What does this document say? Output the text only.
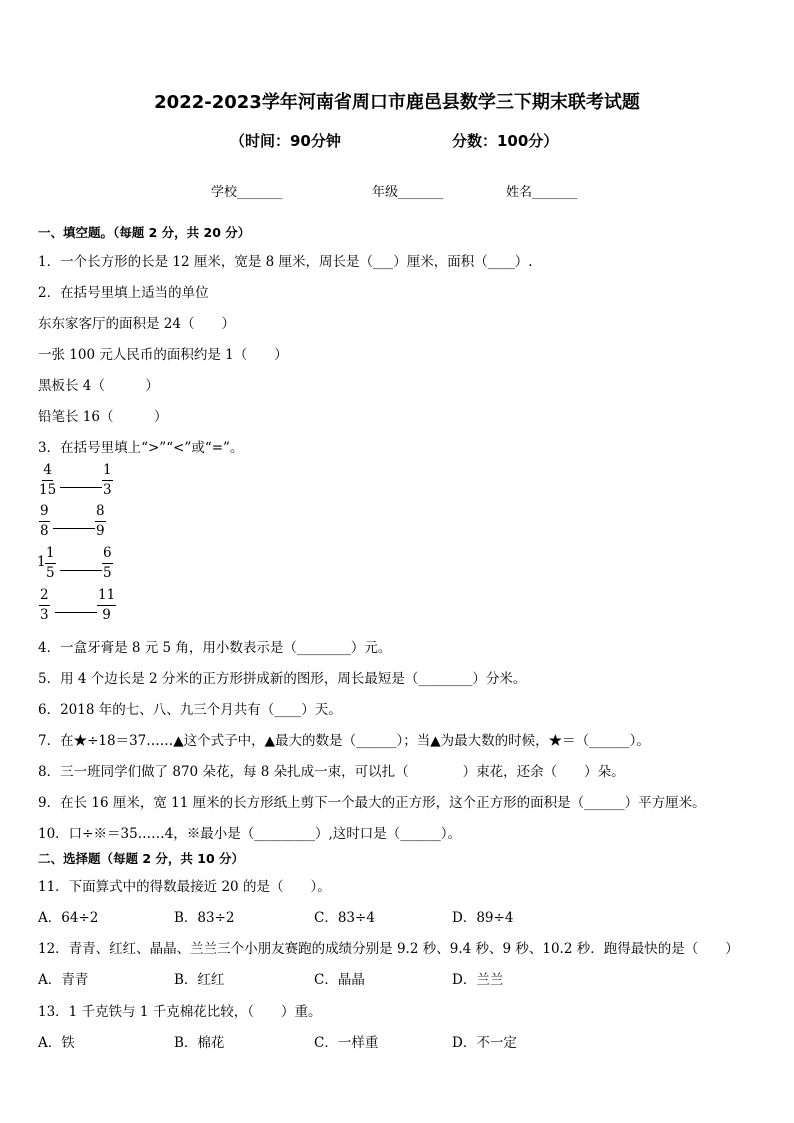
2022-2023学年河南省周口市鹿邑县数学三下期末联考试题
（时间：90分钟	分数：100分）
学校_______	年级_______	姓名_______
一、填空题。（每题 2 分，共 20 分）
1．一个长方形的长是 12 厘米，宽是 8 厘米，周长是（___）厘米，面积（____）.
2．在括号里填上适当的单位
东东家客厅的面积是 24（　　）
一张 100 元人民币的面积约是 1（　　）
黑板长 4（　　　）
铅笔长 16（　　　）
3．在括号里填上“>”“<”或“=”。
$\frac{4}{15}$	$\frac{1}{3}$
$\frac{9}{8}$	$\frac{8}{9}$
$1 \frac{1}{5}$	$\frac{6}{5}$
$\frac{2}{3}$	$\frac{11}{9}$
4．一盒牙膏是 8 元 5 角，用小数表示是（________）元。
5．用 4 个边长是 2 分米的正方形拼成新的图形，周长最短是（________）分米。
6．2018 年的七、八、九三个月共有（____）天。
7．在★÷18＝37……▲这个式子中，▲最大的数是（______）；当▲为最大数的时候，★＝（______）。
8．三一班同学们做了 870 朵花，每 8 朵扎成一束，可以扎（　　　　）束花，还余（　　）朵。
9．在长 16 厘米，宽 11 厘米的长方形纸上剪下一个最大的正方形，这个正方形的面积是（______）平方厘米。
10．口÷※＝35……4，※最小是（_________）,这时口是（______）。
二、选择题（每题 2 分，共 10 分）
11．下面算式中的得数最接近 20 的是（　　）。
A．64÷2	B．83÷2	C．83÷4	D．89÷4
12．青青、红红、晶晶、兰兰三个小朋友赛跑的成绩分别是 9.2 秒、9.4 秒、9 秒、10.2 秒．跑得最快的是（　　）
A．青青	B．红红	C．晶晶	D．兰兰
13．1 千克铁与 1 千克棉花比较，（　　）重。
A．铁	B．棉花	C．一样重	D．不一定
